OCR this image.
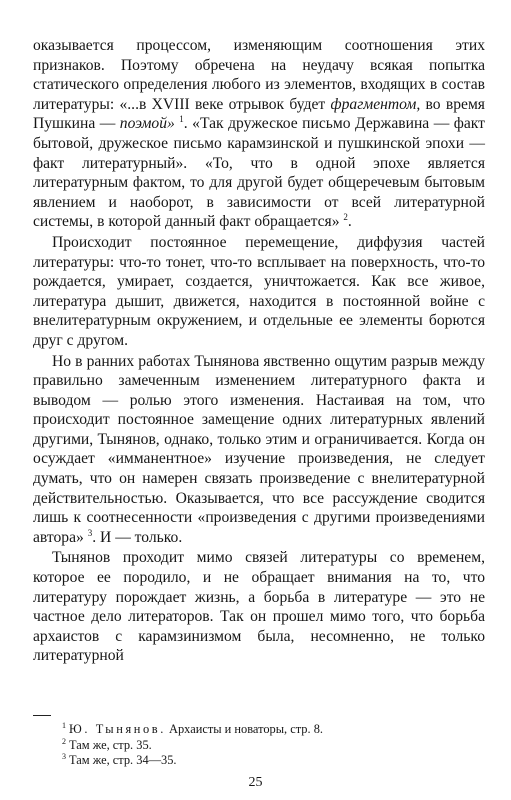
оказывается процессом, изменяющим соотношения этих признаков. Поэтому обречена на неудачу всякая попытка статического определения любого из элементов, входящих в состав литературы: «...в XVIII веке отрывок будет фрагментом, во время Пушкина — поэмой» $^1$. «Так дружеское письмо Державина — факт бытовой, дружеское письмо карамзинской и пушкинской эпохи — факт литературный». «То, что в одной эпохе является литературным фактом, то для другой будет общеречевым бытовым явлением и наоборот, в зависимости от всей литературной системы, в которой данный факт обращается» $^2$.

Происходит постоянное перемещение, диффузия частей литературы: что-то тонет, что-то всплывает на поверхность, что-то рождается, умирает, создается, уничтожается. Как все живое, литература дышит, движется, находится в постоянной войне с внелитературным окружением, и отдельные ее элементы борются друг с другом.

Но в ранних работах Тынянова явственно ощутим разрыв между правильно замеченным изменением литературного факта и выводом — ролью этого изменения. Настаивая на том, что происходит постоянное замещение одних литературных явлений другими, Тынянов, однако, только этим и ограничивается. Когда он осуждает «имманентное» изучение произведения, не следует думать, что он намерен связать произведение с внелитературной действительностью. Оказывается, что все рассуждение сводится лишь к соотнесенности «произведения с другими произведениями автора» $^3$. И — только.

Тынянов проходит мимо связей литературы со временем, которое ее породило, и не обращает внимания на то, что литературу порождает жизнь, а борьба в литературе — это не частное дело литераторов. Так он прошел мимо того, что борьба архаистов с карамзинизмом была, несомненно, не только литературной

$^1$ Ю. Тынянов. Архаисты и новаторы, стр. 8.
$^2$ Там же, стр. 35.
$^3$ Там же, стр. 34—35.
25
